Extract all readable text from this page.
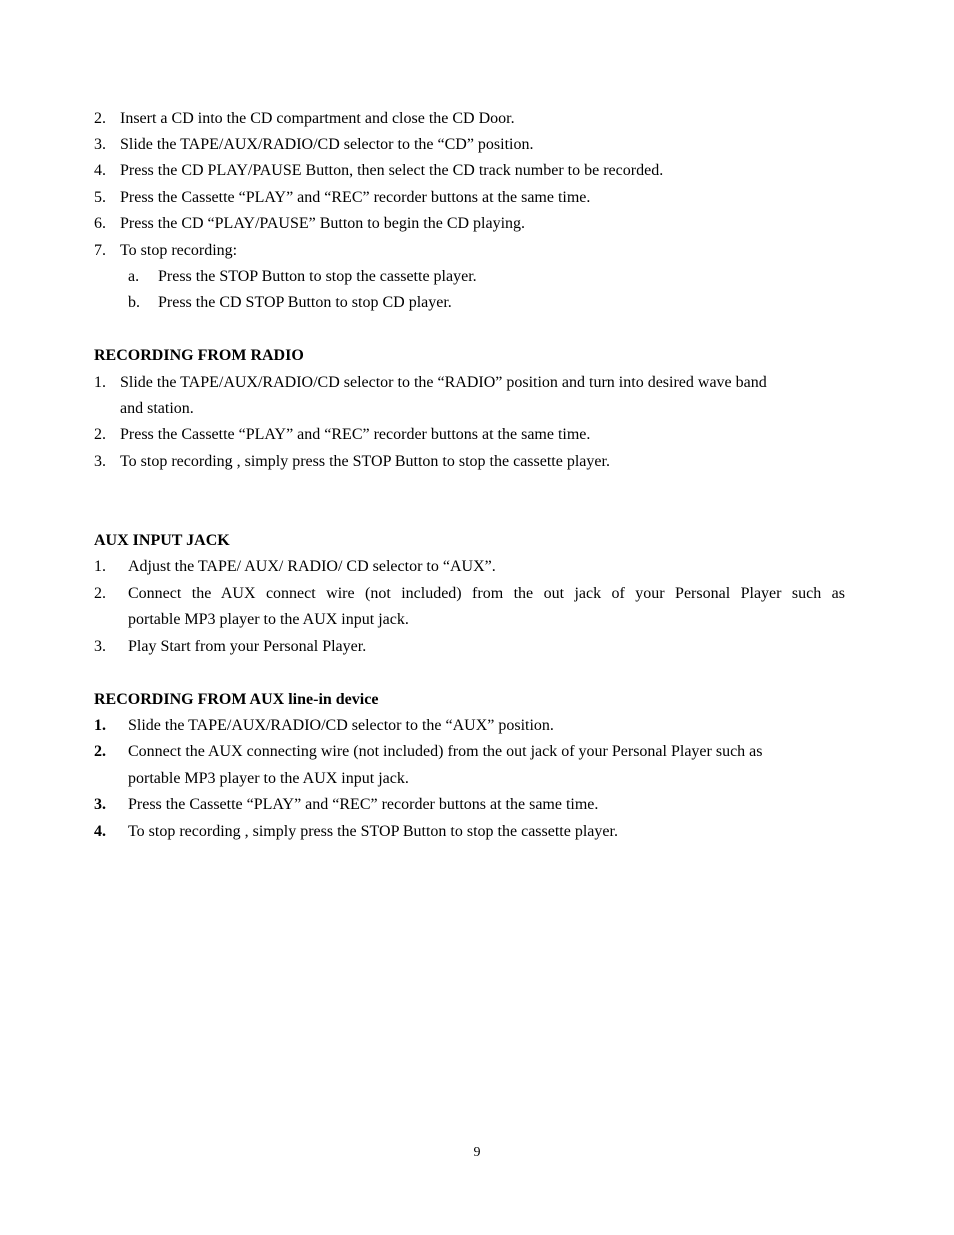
2. Insert a CD into the CD compartment and close the CD Door.
3. Slide the TAPE/AUX/RADIO/CD selector to the “CD” position.
4. Press the CD PLAY/PAUSE Button, then select the CD track number to be recorded.
5. Press the Cassette “PLAY” and “REC” recorder buttons at the same time.
6. Press the CD “PLAY/PAUSE” Button to begin the CD playing.
7. To stop recording:
a. Press the STOP Button to stop the cassette player.
b. Press the CD STOP Button to stop CD player.
RECORDING FROM RADIO
1. Slide the TAPE/AUX/RADIO/CD selector to the “RADIO” position and turn into desired wave band
and station.
2. Press the Cassette “PLAY” and “REC” recorder buttons at the same time.
3. To stop recording , simply press the STOP Button to stop the cassette player.
AUX INPUT JACK
1. Adjust the TAPE/ AUX/ RADIO/ CD selector to “AUX”.
2. Connect the AUX connect wire (not included) from the out jack of your Personal Player such as
portable MP3 player to the AUX input jack.
3. Play Start from your Personal Player.
RECORDING FROM AUX line-in device
1. Slide the TAPE/AUX/RADIO/CD selector to the “AUX” position.
2. Connect the AUX connecting wire (not included) from the out jack of your Personal Player such as
portable MP3 player to the AUX input jack.
3. Press the Cassette “PLAY” and “REC” recorder buttons at the same time.
4. To stop recording , simply press the STOP Button to stop the cassette player.
9
